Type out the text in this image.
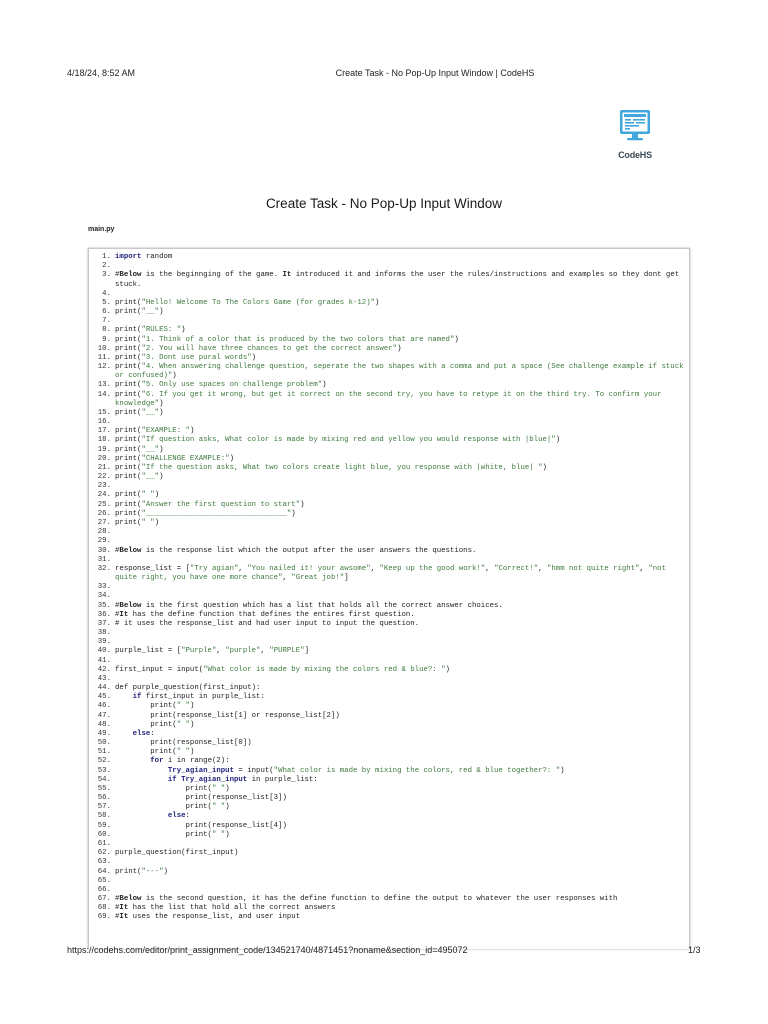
4/18/24, 8:52 AM	Create Task - No Pop-Up Input Window | CodeHS
CodeHS
Create Task - No Pop-Up Input Window
main.py
1. import random
2.

3. #Below is the beginnging of the game. It introduced it and informs the user the rules/instructions and examples so they dont get stuck.
4.

5. print("Hello! Welcome To The Colors Game (for grades k-12)")
6. print("__")
7.

8. print("RULES: ")
9. print("1. Think of a color that is produced by the two colors that are named")
10. print("2. You will have three chances to get the correct answer")
11. print("3. Dont use pural words")
12. print("4. When answering challenge question, seperate the two shapes with a comma and put a space (See challenge example if stuck or confused)")
13. print("5. Only use spaces on challenge problem")
14. print("6. If you get it wrong, but get it correct on the second try, you have to retype it on the third try. To confirm your knowledge")
15. print("__")
16.

17. print("EXAMPLE: ")
18. print("If question asks, What color is made by mixing red and yellow you would response with |blue|")
19. print("__")
20. print("CHALLENGE EXAMPLE:")
21. print("If the question asks, What two colors create light blue, you response with |white, blue| ")
22. print("__")
23.

24. print(" ")
25. print("Answer the first question to start")
26. print("________________________________")
27. print(" ")
28.

29.

30. #Below is the response list which the output after the user answers the questions.
31.

32. response_list = ["Try agian", "You nailed it! your awsome", "Keep up the good work!", "Correct!", "hmm not quite right", "not quite right, you have one more chance", "Great job!"]
33.

34.

35. #Below is the first question which has a list that holds all the correct answer choices.
36. #It has the define function that defines the entires first question.
37. # it uses the response_list and had user input to input the question.
38.

39.

40. purple_list = ["Purple", "purple", "PURPLE"]
41.

42. first_input = input("What color is made by mixing the colors red & blue?: ")
43.

44. def purple_question(first_input):
45.	if first_input in purple_list:
46. print(" ")
47. print(response_list[1] or response_list[2])
48. print(" ")
49.	else:
50. print(response_list[0])
51. print(" ")
52.	for i in range(2):
53.	Try_agian_input = input("What color is made by mixing the colors, red & blue together?: ")
54.	if Try_agian_input in purple_list:
55. print(" ")
56. print(response_list[3])
57. print(" ")
58.	else:
59. print(response_list[4])
60. print(" ")
61.

62. purple_question(first_input)
63.

64. print("---")
65.

66.

67. #Below is the second question, it has the define function to define the output to whatever the user responses with
68. #It has the list that hold all the correct answers
69. #It uses the response_list, and user input
https://codehs.com/editor/print_assignment_code/134521740/4871451?noname&section_id=495072	1/3
